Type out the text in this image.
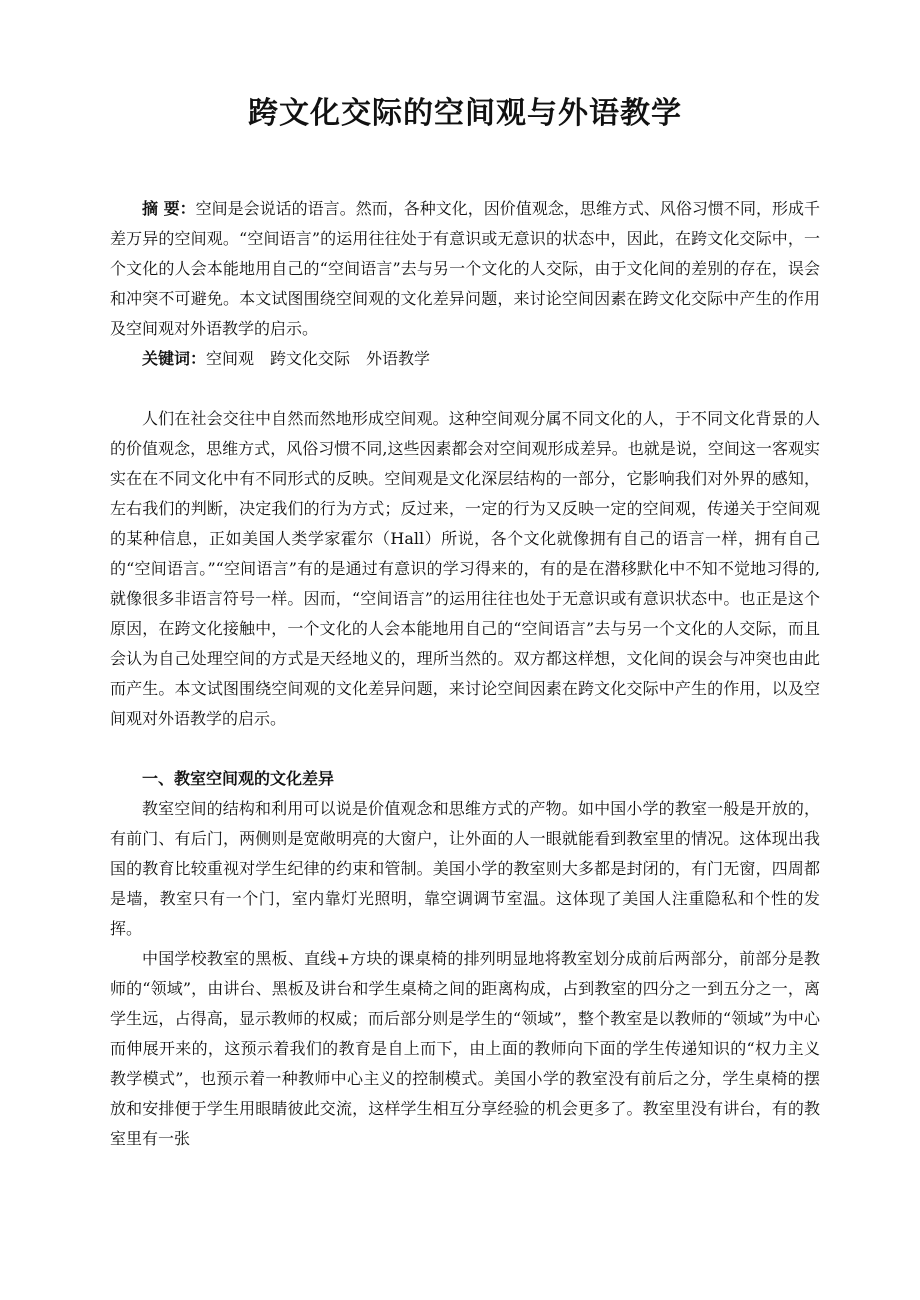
跨文化交际的空间观与外语教学

摘 要：空间是会说话的语言。然而，各种文化，因价值观念，思维方式、风俗习惯不同，形成千差万异的空间观。“空间语言”的运用往往处于有意识或无意识的状态中，因此，在跨文化交际中，一个文化的人会本能地用自己的“空间语言”去与另一个文化的人交际，由于文化间的差别的存在，误会和冲突不可避免。本文试图围绕空间观的文化差异问题，来讨论空间因素在跨文化交际中产生的作用及空间观对外语教学的启示。

关键词：空间观 跨文化交际 外语教学

人们在社会交往中自然而然地形成空间观。这种空间观分属不同文化的人，于不同文化背景的人的价值观念，思维方式，风俗习惯不同,这些因素都会对空间观形成差异。也就是说，空间这一客观实实在在不同文化中有不同形式的反映。空间观是文化深层结构的一部分，它影响我们对外界的感知，左右我们的判断，决定我们的行为方式；反过来，一定的行为又反映一定的空间观，传递关于空间观的某种信息，正如美国人类学家霍尔（Hall）所说，各个文化就像拥有自己的语言一样，拥有自己的“空间语言。”“空间语言”有的是通过有意识的学习得来的，有的是在潜移默化中不知不觉地习得的,就像很多非语言符号一样。因而，“空间语言”的运用往往也处于无意识或有意识状态中。也正是这个原因，在跨文化接触中，一个文化的人会本能地用自己的“空间语言”去与另一个文化的人交际，而且会认为自己处理空间的方式是天经地义的，理所当然的。双方都这样想，文化间的误会与冲突也由此而产生。本文试图围绕空间观的文化差异问题，来讨论空间因素在跨文化交际中产生的作用，以及空间观对外语教学的启示。

一、教室空间观的文化差异

教室空间的结构和利用可以说是价值观念和思维方式的产物。如中国小学的教室一般是开放的，有前门、有后门，两侧则是宽敞明亮的大窗户，让外面的人一眼就能看到教室里的情况。这体现出我国的教育比较重视对学生纪律的约束和管制。美国小学的教室则大多都是封闭的，有门无窗，四周都是墙，教室只有一个门，室内靠灯光照明，靠空调调节室温。这体现了美国人注重隐私和个性的发挥。

中国学校教室的黑板、直线+方块的课桌椅的排列明显地将教室划分成前后两部分，前部分是教师的“领域”，由讲台、黑板及讲台和学生桌椅之间的距离构成，占到教室的四分之一到五分之一，离学生远，占得高，显示教师的权威；而后部分则是学生的“领域”，整个教室是以教师的“领域”为中心而伸展开来的，这预示着我们的教育是自上而下，由上面的教师向下面的学生传递知识的“权力主义教学模式”，也预示着一种教师中心主义的控制模式。美国小学的教室没有前后之分，学生桌椅的摆放和安排便于学生用眼睛彼此交流，这样学生相互分享经验的机会更多了。教室里没有讲台，有的教室里有一张
